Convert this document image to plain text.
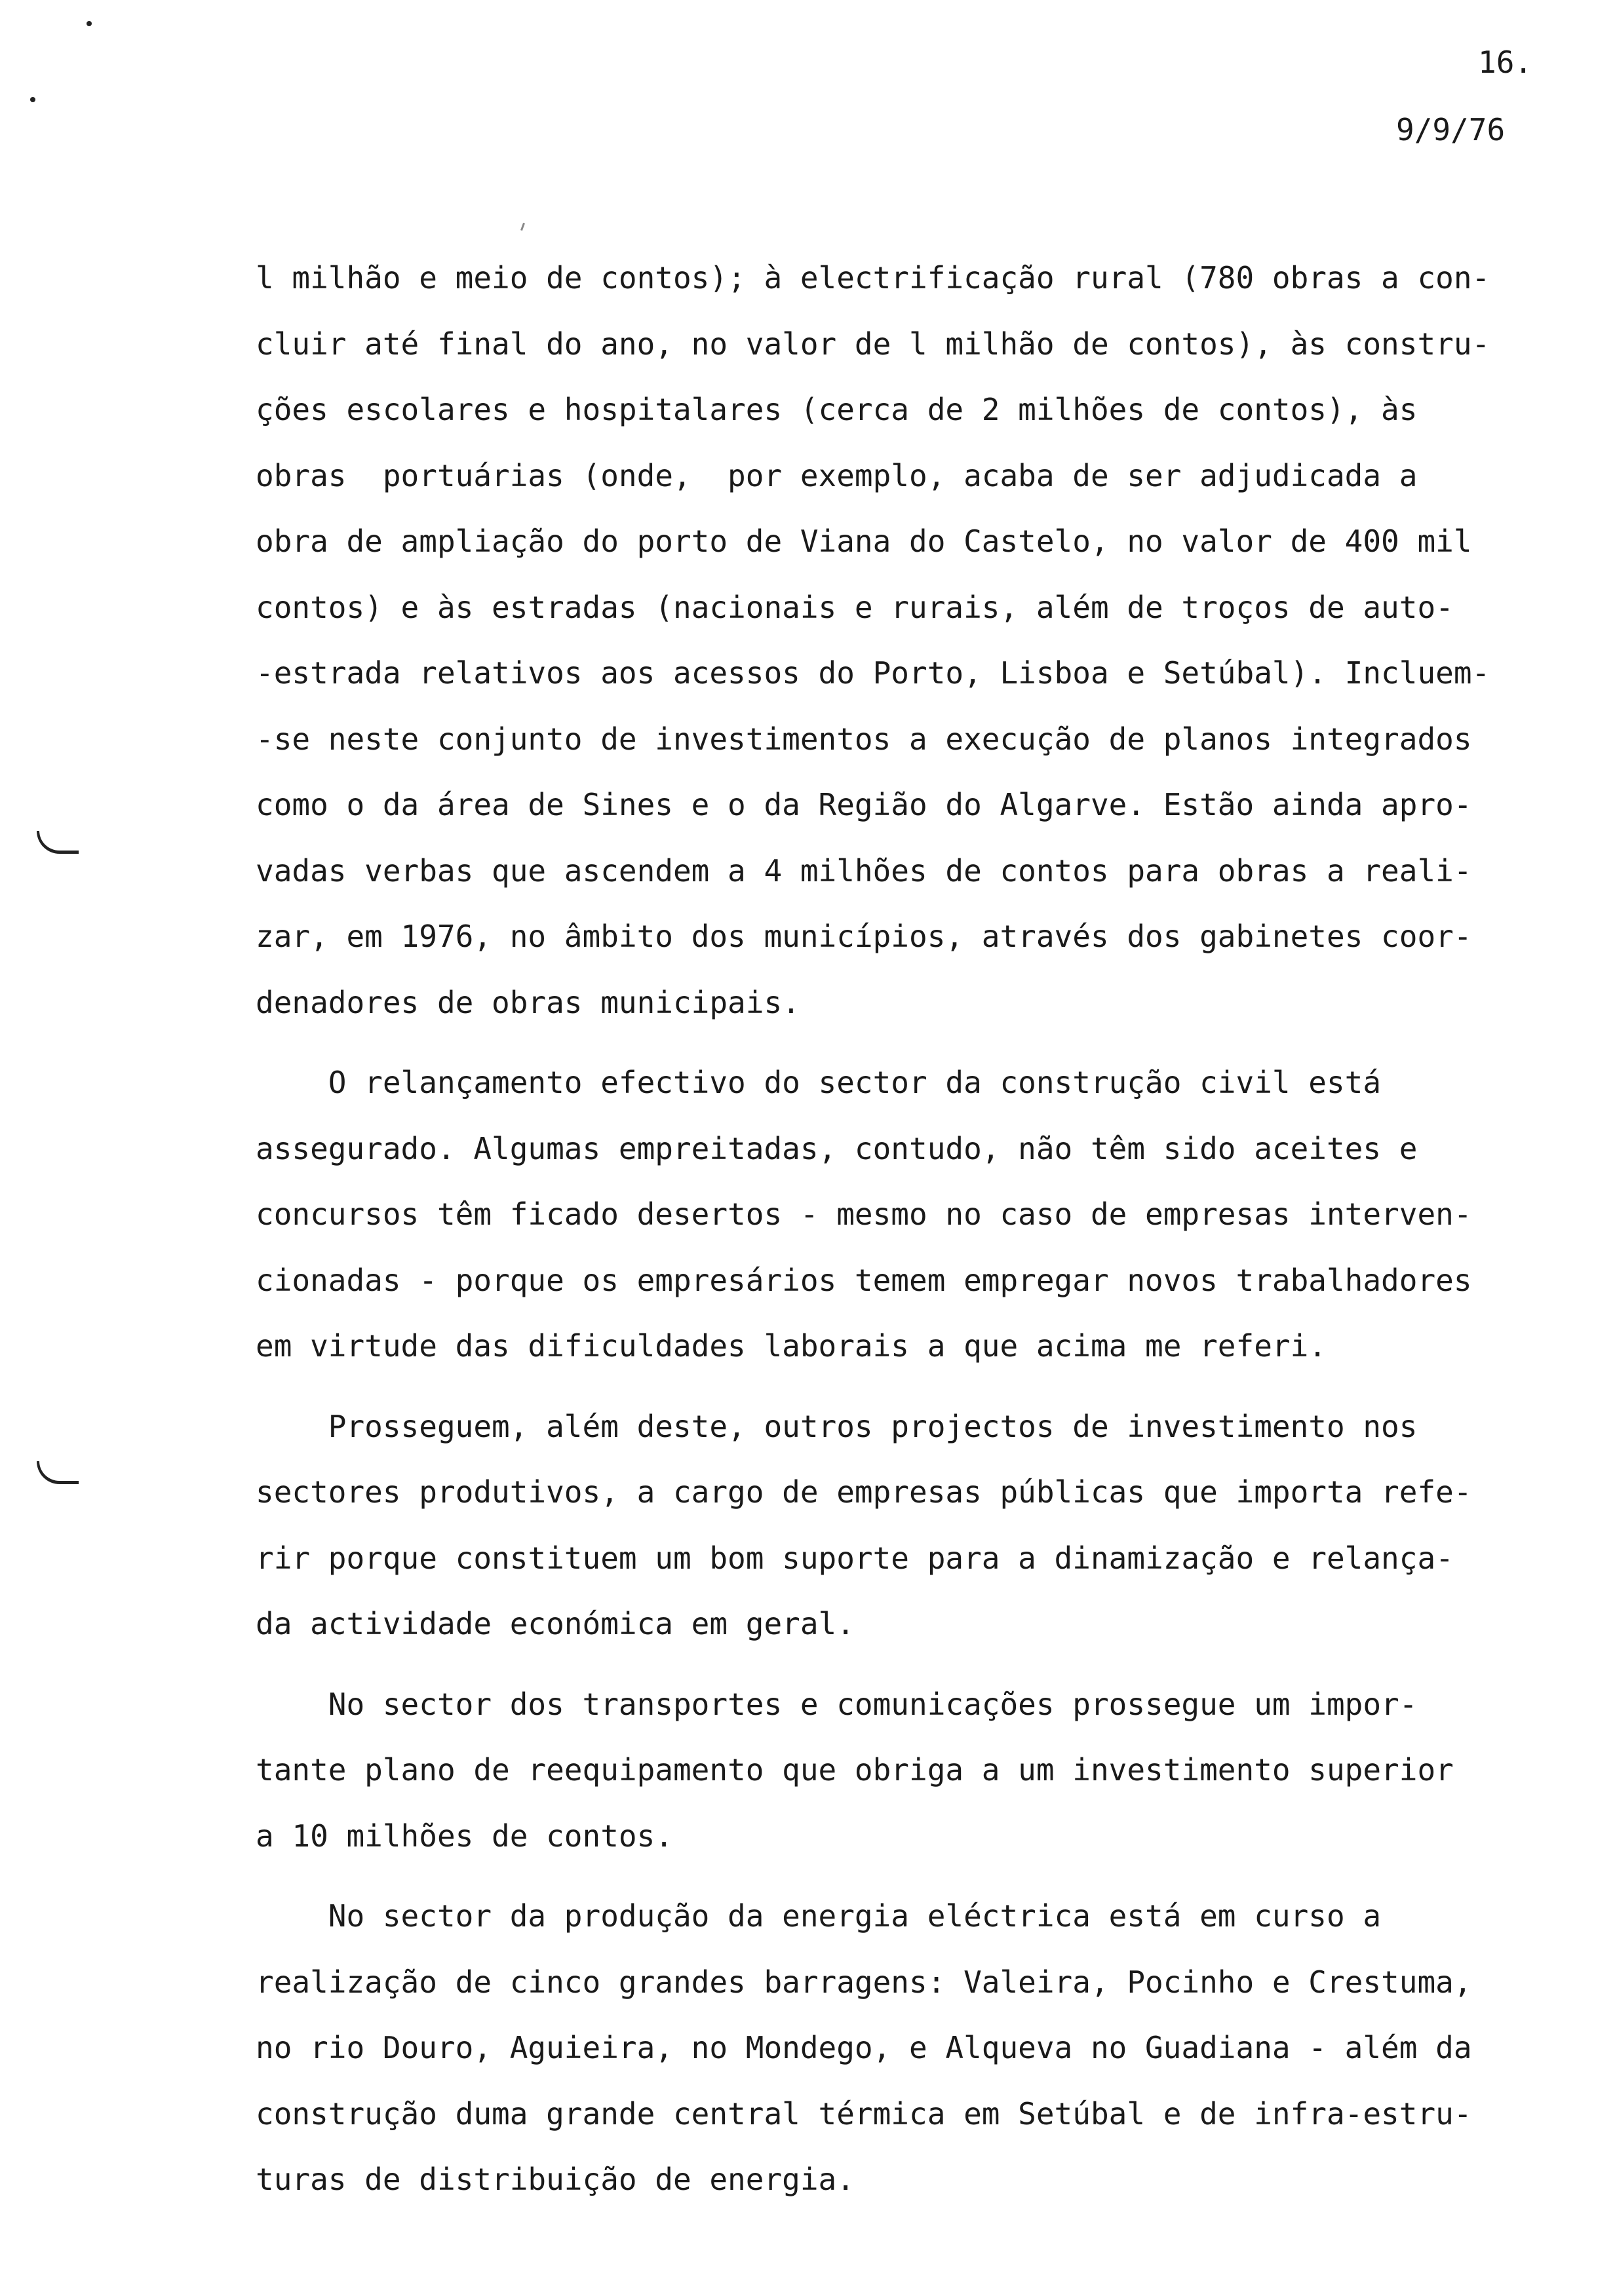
16.
9/9/76
l milhão e meio de contos); à electrificação rural (780 obras a con-
cluir até final do ano, no valor de l milhão de contos), às constru-
ções escolares e hospitalares (cerca de 2 milhões de contos), às
obras  portuárias (onde,  por exemplo, acaba de ser adjudicada a
obra de ampliação do porto de Viana do Castelo, no valor de 400 mil
contos) e às estradas (nacionais e rurais, além de troços de auto-
-estrada relativos aos acessos do Porto, Lisboa e Setúbal). Incluem-
-se neste conjunto de investimentos a execução de planos integrados
como o da área de Sines e o da Região do Algarve. Estão ainda apro-
vadas verbas que ascendem a 4 milhões de contos para obras a reali-
zar, em 1976, no âmbito dos municípios, através dos gabinetes coor-
denadores de obras municipais.
O relançamento efectivo do sector da construção civil está
assegurado. Algumas empreitadas, contudo, não têm sido aceites e
concursos têm ficado desertos - mesmo no caso de empresas interven-
cionadas - porque os empresários temem empregar novos trabalhadores
em virtude das dificuldades laborais a que acima me referi.
Prosseguem, além deste, outros projectos de investimento nos
sectores produtivos, a cargo de empresas públicas que importa refe-
rir porque constituem um bom suporte para a dinamização e relança-
da actividade económica em geral.
No sector dos transportes e comunicações prossegue um impor-
tante plano de reequipamento que obriga a um investimento superior
a 10 milhões de contos.
No sector da produção da energia eléctrica está em curso a
realização de cinco grandes barragens: Valeira, Pocinho e Crestuma,
no rio Douro, Aguieira, no Mondego, e Alqueva no Guadiana - além da
construção duma grande central térmica em Setúbal e de infra-estru-
turas de distribuição de energia.
